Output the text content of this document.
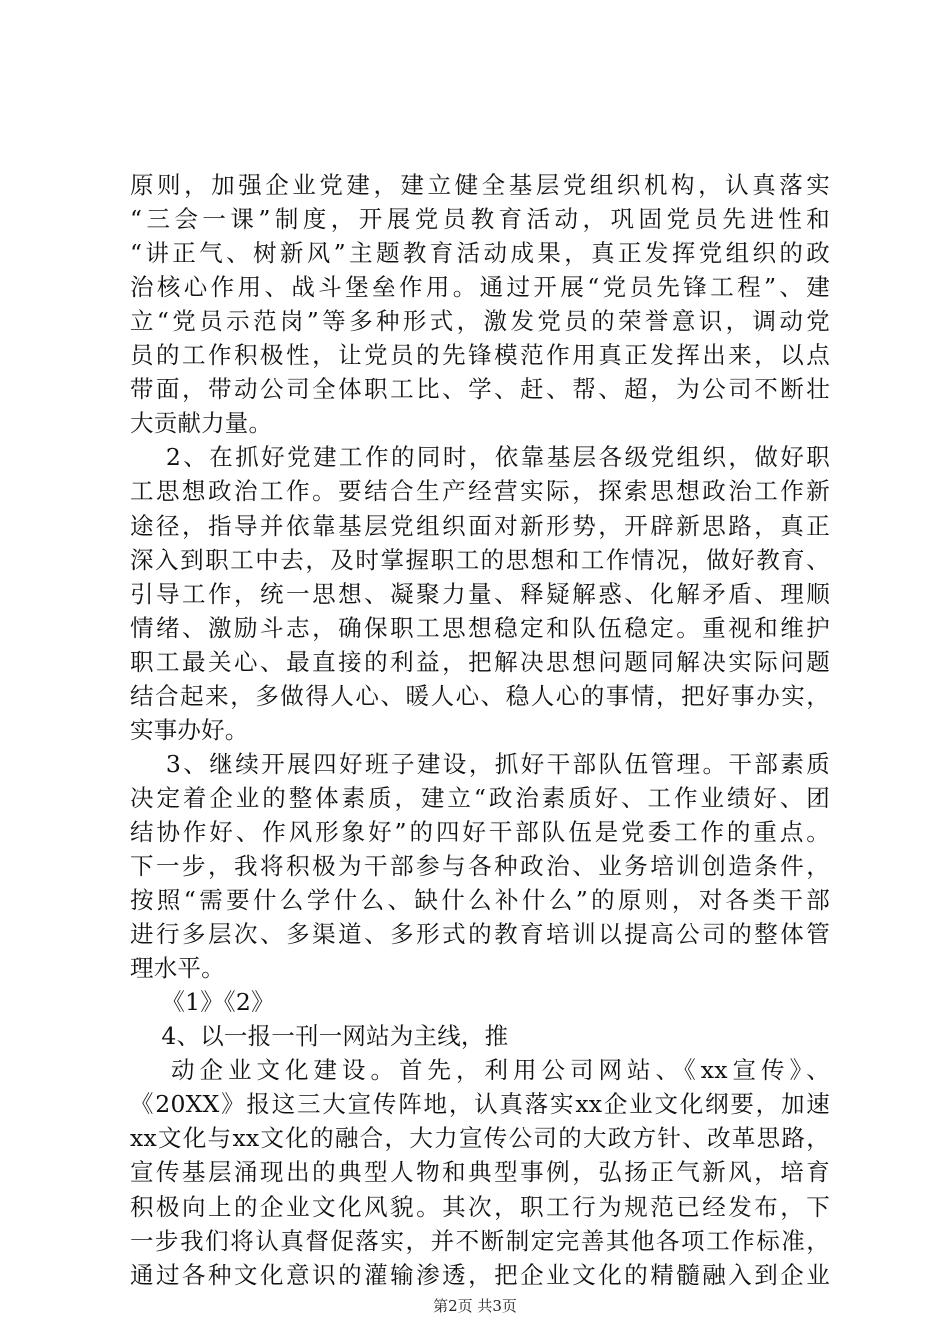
原则，加强企业党建，建立健全基层党组织机构，认真落实
“三会一课”制度，开展党员教育活动，巩固党员先进性和
“讲正气、树新风”主题教育活动成果，真正发挥党组织的政
治核心作用、战斗堡垒作用。通过开展“党员先锋工程”、建
立“党员示范岗”等多种形式，激发党员的荣誉意识，调动党
员的工作积极性，让党员的先锋模范作用真正发挥出来，以点
带面，带动公司全体职工比、学、赶、帮、超，为公司不断壮
大贡献力量。
　 2、在抓好党建工作的同时，依靠基层各级党组织，做好职
工思想政治工作。要结合生产经营实际，探索思想政治工作新
途径，指导并依靠基层党组织面对新形势，开辟新思路，真正
深入到职工中去，及时掌握职工的思想和工作情况，做好教育、
引导工作，统一思想、凝聚力量、释疑解惑、化解矛盾、理顺
情绪、激励斗志，确保职工思想稳定和队伍稳定。重视和维护
职工最关心、最直接的利益，把解决思想问题同解决实际问题
结合起来，多做得人心、暖人心、稳人心的事情，把好事办实，
实事办好。
　 3、继续开展四好班子建设，抓好干部队伍管理。干部素质
决定着企业的整体素质，建立“政治素质好、工作业绩好、团
结协作好、作风形象好”的四好干部队伍是党委工作的重点。
下一步，我将积极为干部参与各种政治、业务培训创造条件，
按照“需要什么学什么、缺什么补什么”的原则，对各类干部
进行多层次、多渠道、多形式的教育培训以提高公司的整体管
理水平。
　 《1》《2》
　 4、以一报一刊一网站为主线，推
　 动企业文化建设。首先，利用公司网站、《xx宣传》、
《20XX》报这三大宣传阵地，认真落实xx企业文化纲要，加速
xx文化与xx文化的融合，大力宣传公司的大政方针、改革思路，
宣传基层涌现出的典型人物和典型事例，弘扬正气新风，培育
积极向上的企业文化风貌。其次，职工行为规范已经发布，下
一步我们将认真督促落实，并不断制定完善其他各项工作标准，
通过各种文化意识的灌输渗透，把企业文化的精髓融入到企业
第2页 共3页
